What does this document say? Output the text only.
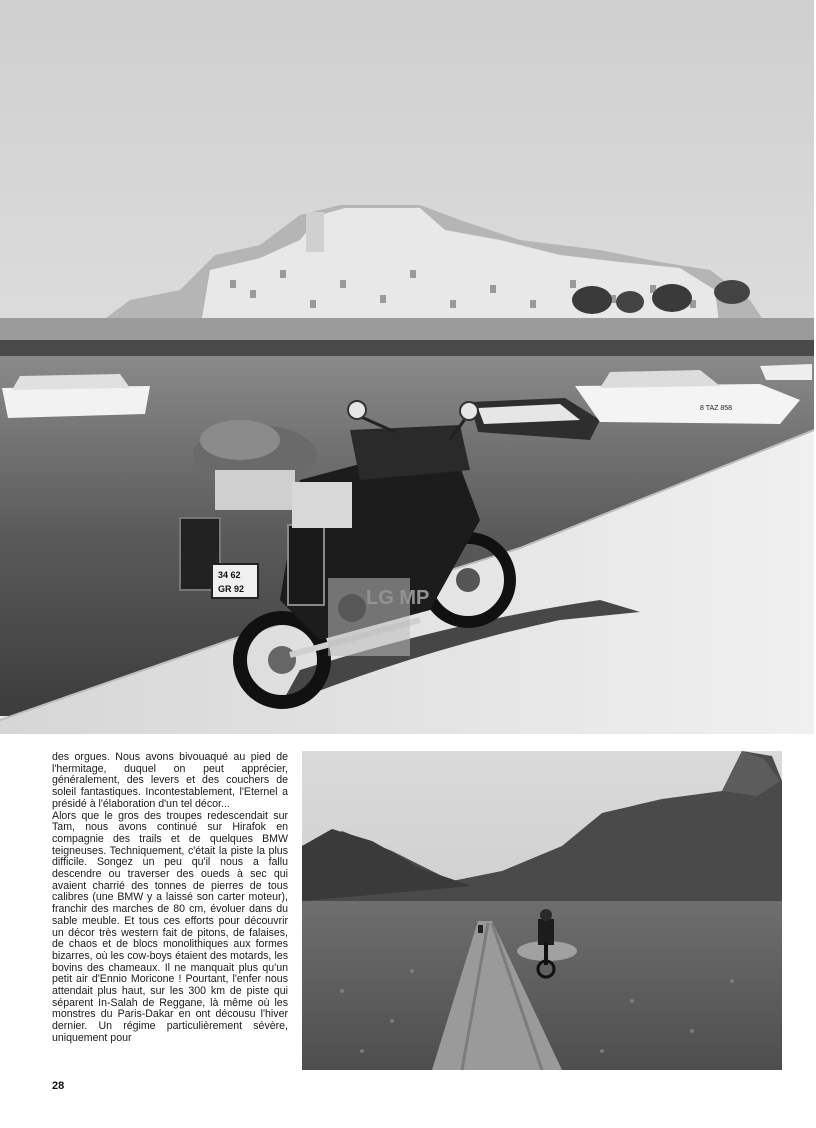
8 TAZ 858
34 62
GR 92	LG MP

des orgues. Nous avons bivouaqué au pied de l'hermitage, duquel on peut apprécier, généralement, des levers et des couchers de soleil fantastiques. Incontestablement, l'Eternel a présidé à l'élaboration d'un tel décor...

Alors que le gros des troupes redescendait sur Tam, nous avons continué sur Hirafok en compagnie des trails et de quelques BMW teigneuses. Techniquement, c'était la piste la plus difficile. Songez un peu qu'il nous a fallu descendre ou traverser des oueds à sec qui avaient charrié des tonnes de pierres de tous calibres (une BMW y a laissé son carter moteur), franchir des marches de 80 cm, évoluer dans du sable meuble. Et tous ces efforts pour découvrir un décor très western fait de pitons, de falaises, de chaos et de blocs monolithiques aux formes bizarres, où les cow-boys étaient des motards, les bovins des chameaux. Il ne manquait plus qu'un petit air d'Ennio Moricone ! Pourtant, l'enfer nous attendait plus haut, sur les 300 km de piste qui séparent In-Salah de Reggane, là même où les monstres du Paris-Dakar en ont décousu l'hiver dernier. Un régime particulièrement sévère, uniquement pour

28
